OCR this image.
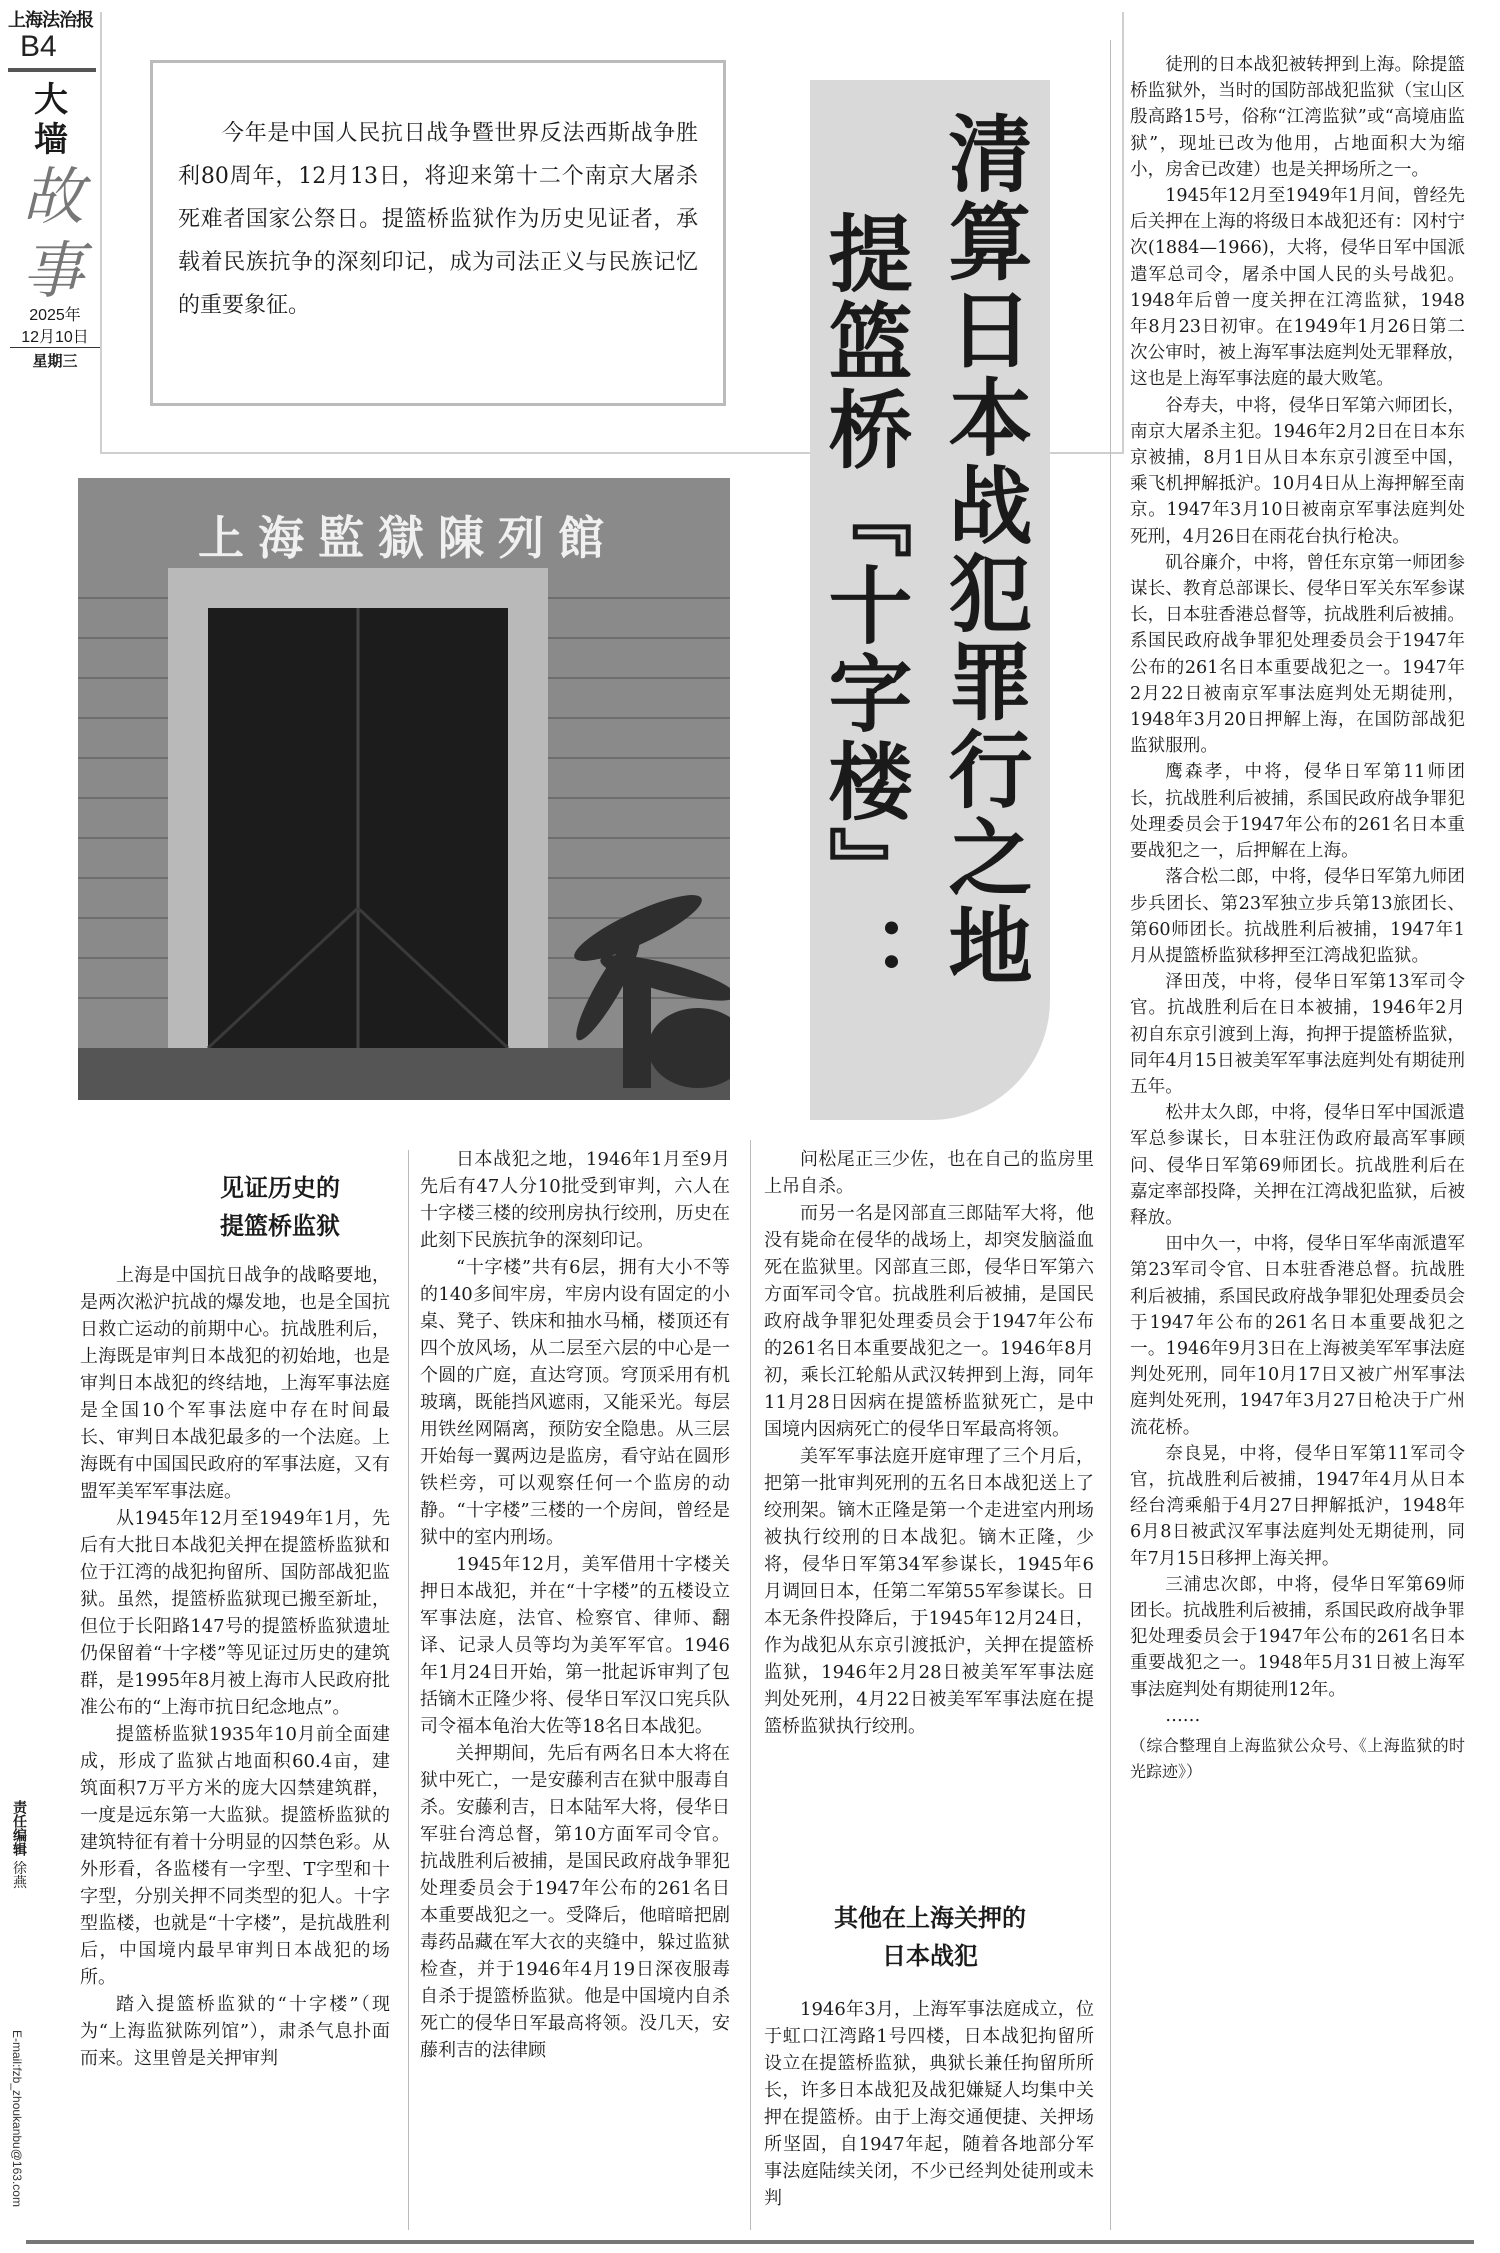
上海法治报
B4
大墙
故事
2025年
12月10日
星期三
责任编辑 徐燕
E-mail:fzb_zhoukanbu@163.com
今年是中国人民抗日战争暨世界反法西斯战争胜利80周年，12月13日，将迎来第十二个南京大屠杀死难者国家公祭日。提篮桥监狱作为历史见证者，承载着民族抗争的深刻印记，成为司法正义与民族记忆的重要象征。	清算日本战犯罪行之地
提篮桥『十字楼』：
上海監獄陳列館
见证历史的
提篮桥监狱

上海是中国抗日战争的战略要地，是两次淞沪抗战的爆发地，也是全国抗日救亡运动的前期中心。抗战胜利后，上海既是审判日本战犯的初始地，也是审判日本战犯的终结地，上海军事法庭是全国10个军事法庭中存在时间最长、审判日本战犯最多的一个法庭。上海既有中国国民政府的军事法庭，又有盟军美军军事法庭。

从1945年12月至1949年1月，先后有大批日本战犯关押在提篮桥监狱和位于江湾的战犯拘留所、国防部战犯监狱。虽然，提篮桥监狱现已搬至新址，但位于长阳路147号的提篮桥监狱遗址仍保留着“十字楼”等见证过历史的建筑群，是1995年8月被上海市人民政府批准公布的“上海市抗日纪念地点”。

提篮桥监狱1935年10月前全面建成，形成了监狱占地面积60.4亩，建筑面积7万平方米的庞大囚禁建筑群，一度是远东第一大监狱。提篮桥监狱的建筑特征有着十分明显的囚禁色彩。从外形看，各监楼有一字型、T字型和十字型，分别关押不同类型的犯人。十字型监楼，也就是“十字楼”，是抗战胜利后，中国境内最早审判日本战犯的场所。

踏入提篮桥监狱的“十字楼”（现为“上海监狱陈列馆”），肃杀气息扑面而来。这里曾是关押审判

日本战犯之地，1946年1月至9月先后有47人分10批受到审判，六人在十字楼三楼的绞刑房执行绞刑，历史在此刻下民族抗争的深刻印记。

“十字楼”共有6层，拥有大小不等的140多间牢房，牢房内设有固定的小桌、凳子、铁床和抽水马桶，楼顶还有四个放风场，从二层至六层的中心是一个圆的广庭，直达穹顶。穹顶采用有机玻璃，既能挡风遮雨，又能采光。每层用铁丝网隔离，预防安全隐患。从三层开始每一翼两边是监房，看守站在圆形铁栏旁，可以观察任何一个监房的动静。“十字楼”三楼的一个房间，曾经是狱中的室内刑场。

1945年12月，美军借用十字楼关押日本战犯，并在“十字楼”的五楼设立军事法庭，法官、检察官、律师、翻译、记录人员等均为美军军官。1946年1月24日开始，第一批起诉审判了包括镝木正隆少将、侵华日军汉口宪兵队司令福本龟治大佐等18名日本战犯。

关押期间，先后有两名日本大将在狱中死亡，一是安藤利吉在狱中服毒自杀。安藤利吉，日本陆军大将，侵华日军驻台湾总督，第10方面军司令官。抗战胜利后被捕，是国民政府战争罪犯处理委员会于1947年公布的261名日本重要战犯之一。受降后，他暗暗把剧毒药品藏在军大衣的夹缝中，躲过监狱检查，并于1946年4月19日深夜服毒自杀于提篮桥监狱。他是中国境内自杀死亡的侵华日军最高将领。没几天，安藤利吉的法律顾

问松尾正三少佐，也在自己的监房里上吊自杀。

而另一名是冈部直三郎陆军大将，他没有毙命在侵华的战场上，却突发脑溢血死在监狱里。冈部直三郎，侵华日军第六方面军司令官。抗战胜利后被捕，是国民政府战争罪犯处理委员会于1947年公布的261名日本重要战犯之一。1946年8月初，乘长江轮船从武汉转押到上海，同年11月28日因病在提篮桥监狱死亡，是中国境内因病死亡的侵华日军最高将领。

美军军事法庭开庭审理了三个月后，把第一批审判死刑的五名日本战犯送上了绞刑架。镝木正隆是第一个走进室内刑场被执行绞刑的日本战犯。镝木正隆，少将，侵华日军第34军参谋长，1945年6月调回日本，任第二军第55军参谋长。日本无条件投降后，于1945年12月24日，作为战犯从东京引渡抵沪，关押在提篮桥监狱，1946年2月28日被美军军事法庭判处死刑，4月22日被美军军事法庭在提篮桥监狱执行绞刑。

其他在上海关押的
日本战犯

1946年3月，上海军事法庭成立，位于虹口江湾路1号四楼，日本战犯拘留所设立在提篮桥监狱，典狱长兼任拘留所所长，许多日本战犯及战犯嫌疑人均集中关押在提篮桥。由于上海交通便捷、关押场所坚固，自1947年起，随着各地部分军事法庭陆续关闭，不少已经判处徒刑或未判

徒刑的日本战犯被转押到上海。除提篮桥监狱外，当时的国防部战犯监狱（宝山区殷高路15号，俗称“江湾监狱”或“高境庙监狱”，现址已改为他用，占地面积大为缩小，房舍已改建）也是关押场所之一。

1945年12月至1949年1月间，曾经先后关押在上海的将级日本战犯还有：冈村宁次(1884—1966)，大将，侵华日军中国派遣军总司令，屠杀中国人民的头号战犯。1948年后曾一度关押在江湾监狱，1948年8月23日初审。在1949年1月26日第二次公审时，被上海军事法庭判处无罪释放，这也是上海军事法庭的最大败笔。

谷寿夫，中将，侵华日军第六师团长，南京大屠杀主犯。1946年2月2日在日本东京被捕，8月1日从日本东京引渡至中国，乘飞机押解抵沪。10月4日从上海押解至南京。1947年3月10日被南京军事法庭判处死刑，4月26日在雨花台执行枪决。

矶谷廉介，中将，曾任东京第一师团参谋长、教育总部课长、侵华日军关东军参谋长，日本驻香港总督等，抗战胜利后被捕。系国民政府战争罪犯处理委员会于1947年公布的261名日本重要战犯之一。1947年2月22日被南京军事法庭判处无期徒刑，1948年3月20日押解上海，在国防部战犯监狱服刑。

鹰森孝，中将，侵华日军第11师团长，抗战胜利后被捕，系国民政府战争罪犯处理委员会于1947年公布的261名日本重要战犯之一，后押解在上海。

落合松二郎，中将，侵华日军第九师团步兵团长、第23军独立步兵第13旅团长、第60师团长。抗战胜利后被捕，1947年1月从提篮桥监狱移押至江湾战犯监狱。

泽田茂，中将，侵华日军第13军司令官。抗战胜利后在日本被捕，1946年2月初自东京引渡到上海，拘押于提篮桥监狱，同年4月15日被美军军事法庭判处有期徒刑五年。

松井太久郎，中将，侵华日军中国派遣军总参谋长，日本驻汪伪政府最高军事顾问、侵华日军第69师团长。抗战胜利后在嘉定率部投降，关押在江湾战犯监狱，后被释放。

田中久一，中将，侵华日军华南派遣军第23军司令官、日本驻香港总督。抗战胜利后被捕，系国民政府战争罪犯处理委员会于1947年公布的261名日本重要战犯之一。1946年9月3日在上海被美军军事法庭判处死刑，同年10月17日又被广州军事法庭判处死刑，1947年3月27日枪决于广州流花桥。

奈良晃，中将，侵华日军第11军司令官，抗战胜利后被捕，1947年4月从日本经台湾乘船于4月27日押解抵沪，1948年6月8日被武汉军事法庭判处无期徒刑，同年7月15日移押上海关押。

三浦忠次郎，中将，侵华日军第69师团长。抗战胜利后被捕，系国民政府战争罪犯处理委员会于1947年公布的261名日本重要战犯之一。1948年5月31日被上海军事法庭判处有期徒刑12年。

……

（综合整理自上海监狱公众号、《上海监狱的时光踪迹》）
